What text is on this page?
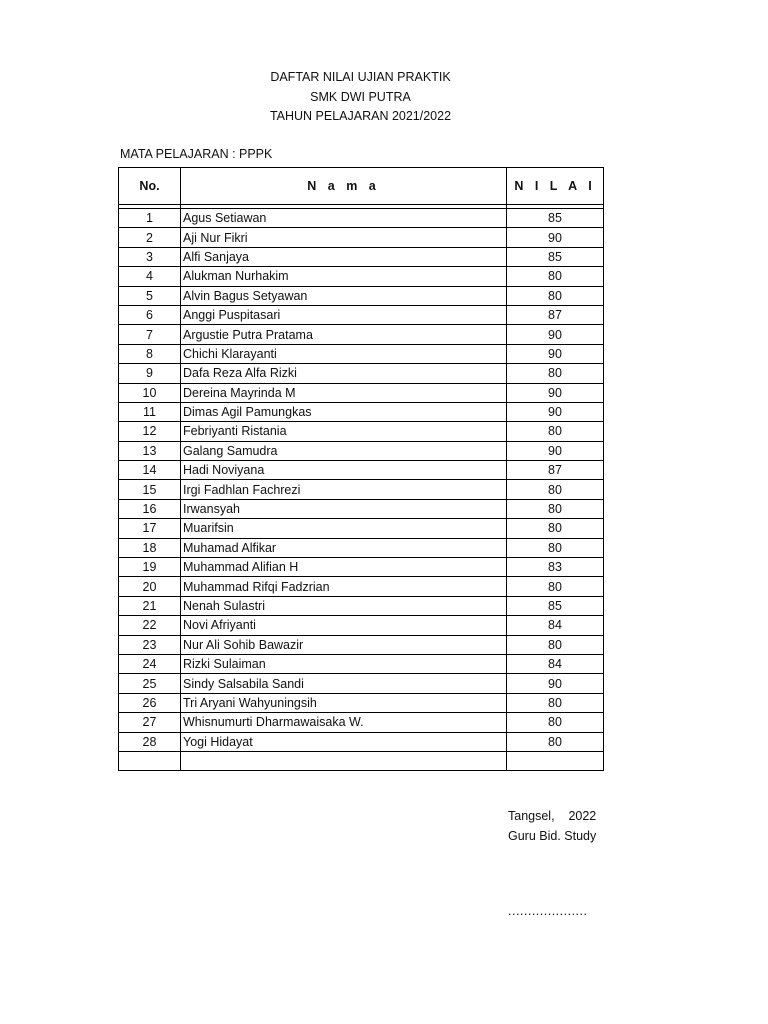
DAFTAR NILAI UJIAN PRAKTIK
SMK DWI PUTRA
TAHUN PELAJARAN 2021/2022
MATA PELAJARAN : PPPK
No.	N a m a	N I L A I

1	Agus Setiawan	85
2	Aji Nur Fikri	90
3	Alfi Sanjaya	85
4	Alukman Nurhakim	80
5	Alvin Bagus Setyawan	80
6	Anggi Puspitasari	87
7	Argustie Putra Pratama	90
8	Chichi Klarayanti	90
9	Dafa Reza Alfa Rizki	80
10	Dereina Mayrinda M	90
11	Dimas Agil Pamungkas	90
12	Febriyanti Ristania	80
13	Galang Samudra	90
14	Hadi Noviyana	87
15	Irgi Fadhlan Fachrezi	80
16	Irwansyah	80
17	Muarifsin	80
18	Muhamad Alfikar	80
19	Muhammad Alifian H	83
20	Muhammad Rifqi Fadzrian	80
21	Nenah Sulastri	85
22	Novi Afriyanti	84
23	Nur Ali Sohib Bawazir	80
24	Rizki Sulaiman	84
25	Sindy Salsabila Sandi	90
26	Tri Aryani Wahyuningsih	80
27	Whisnumurti Dharmawaisaka W.	80
28	Yogi Hidayat	80

Tangsel,    2022
Guru Bid. Study
....................
